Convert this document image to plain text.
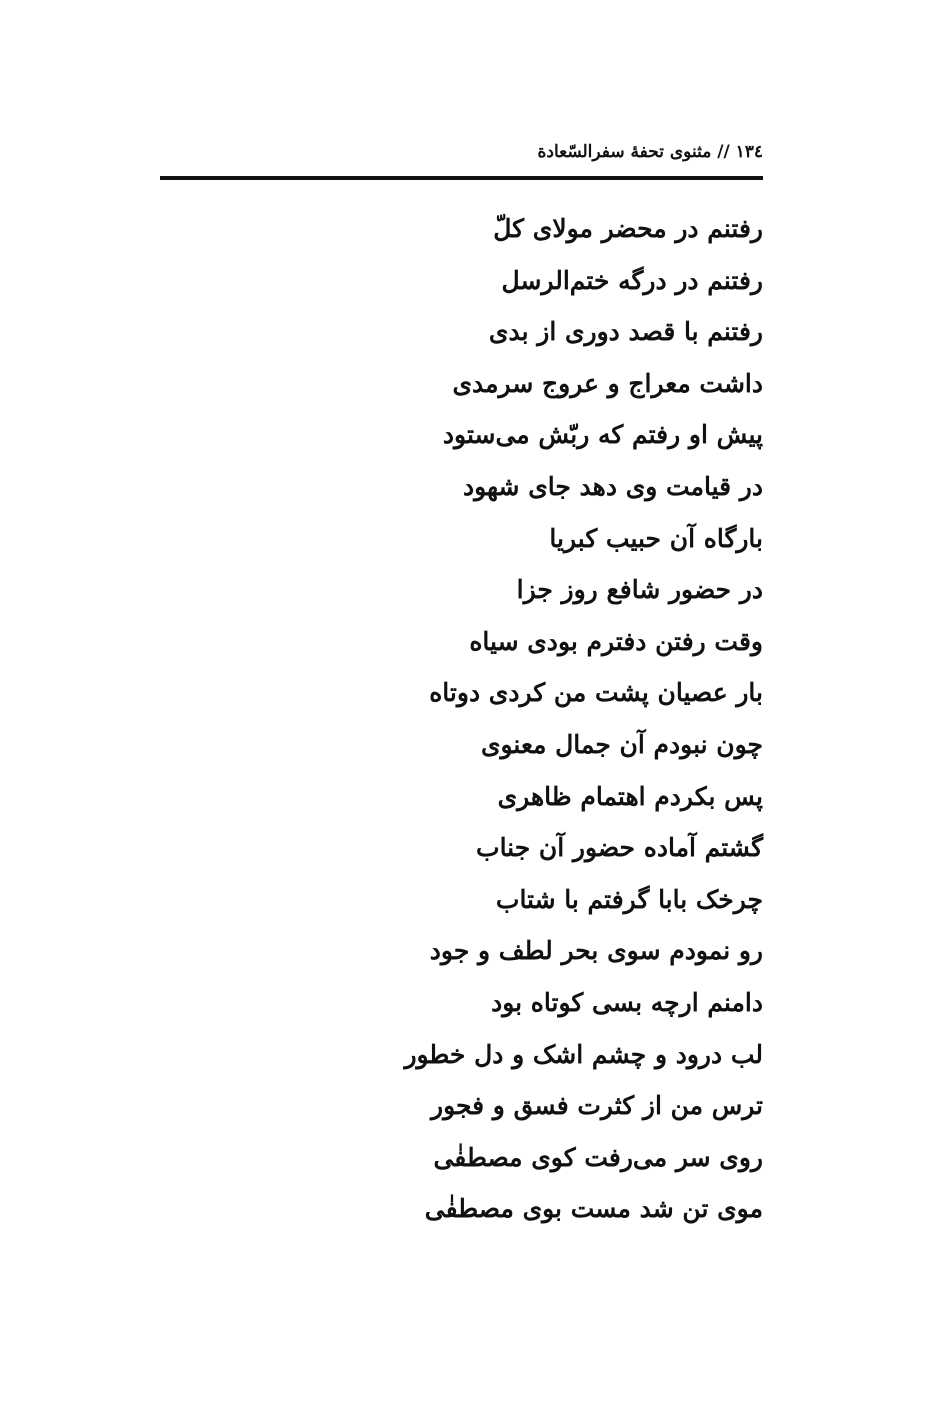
١٣٤ // مثنوی تحفهٔ سفرالسّعادة
رفتنم در محضر مولای کلّ
رفتنم در درگه ختم‌الرسل
رفتنم با قصد دوری از بدی
داشت معراج و عروج سرمدی
پیش او رفتم که ربّش می‌ستود
در قیامت وی دهد جای شهود
بارگاه آن حبیب کبریا
در حضور شافع روز جزا
وقت رفتن دفترم بودی سیاه
بار عصیان پشت من کردی دوتاه
چون نبودم آن جمال معنوی
پس بکردم اهتمام ظاهری
گشتم آماده حضور آن جناب
چرخک بابا گرفتم با شتاب
رو نمودم سوی بحر لطف و جود
دامنم ارچه بسی کوتاه بود
لب درود و چشم اشک و دل خطور
ترس من از کثرت فسق و فجور
روی سر می‌رفت کوی مصطفٰی
موی تن شد مست بوی مصطفٰی
